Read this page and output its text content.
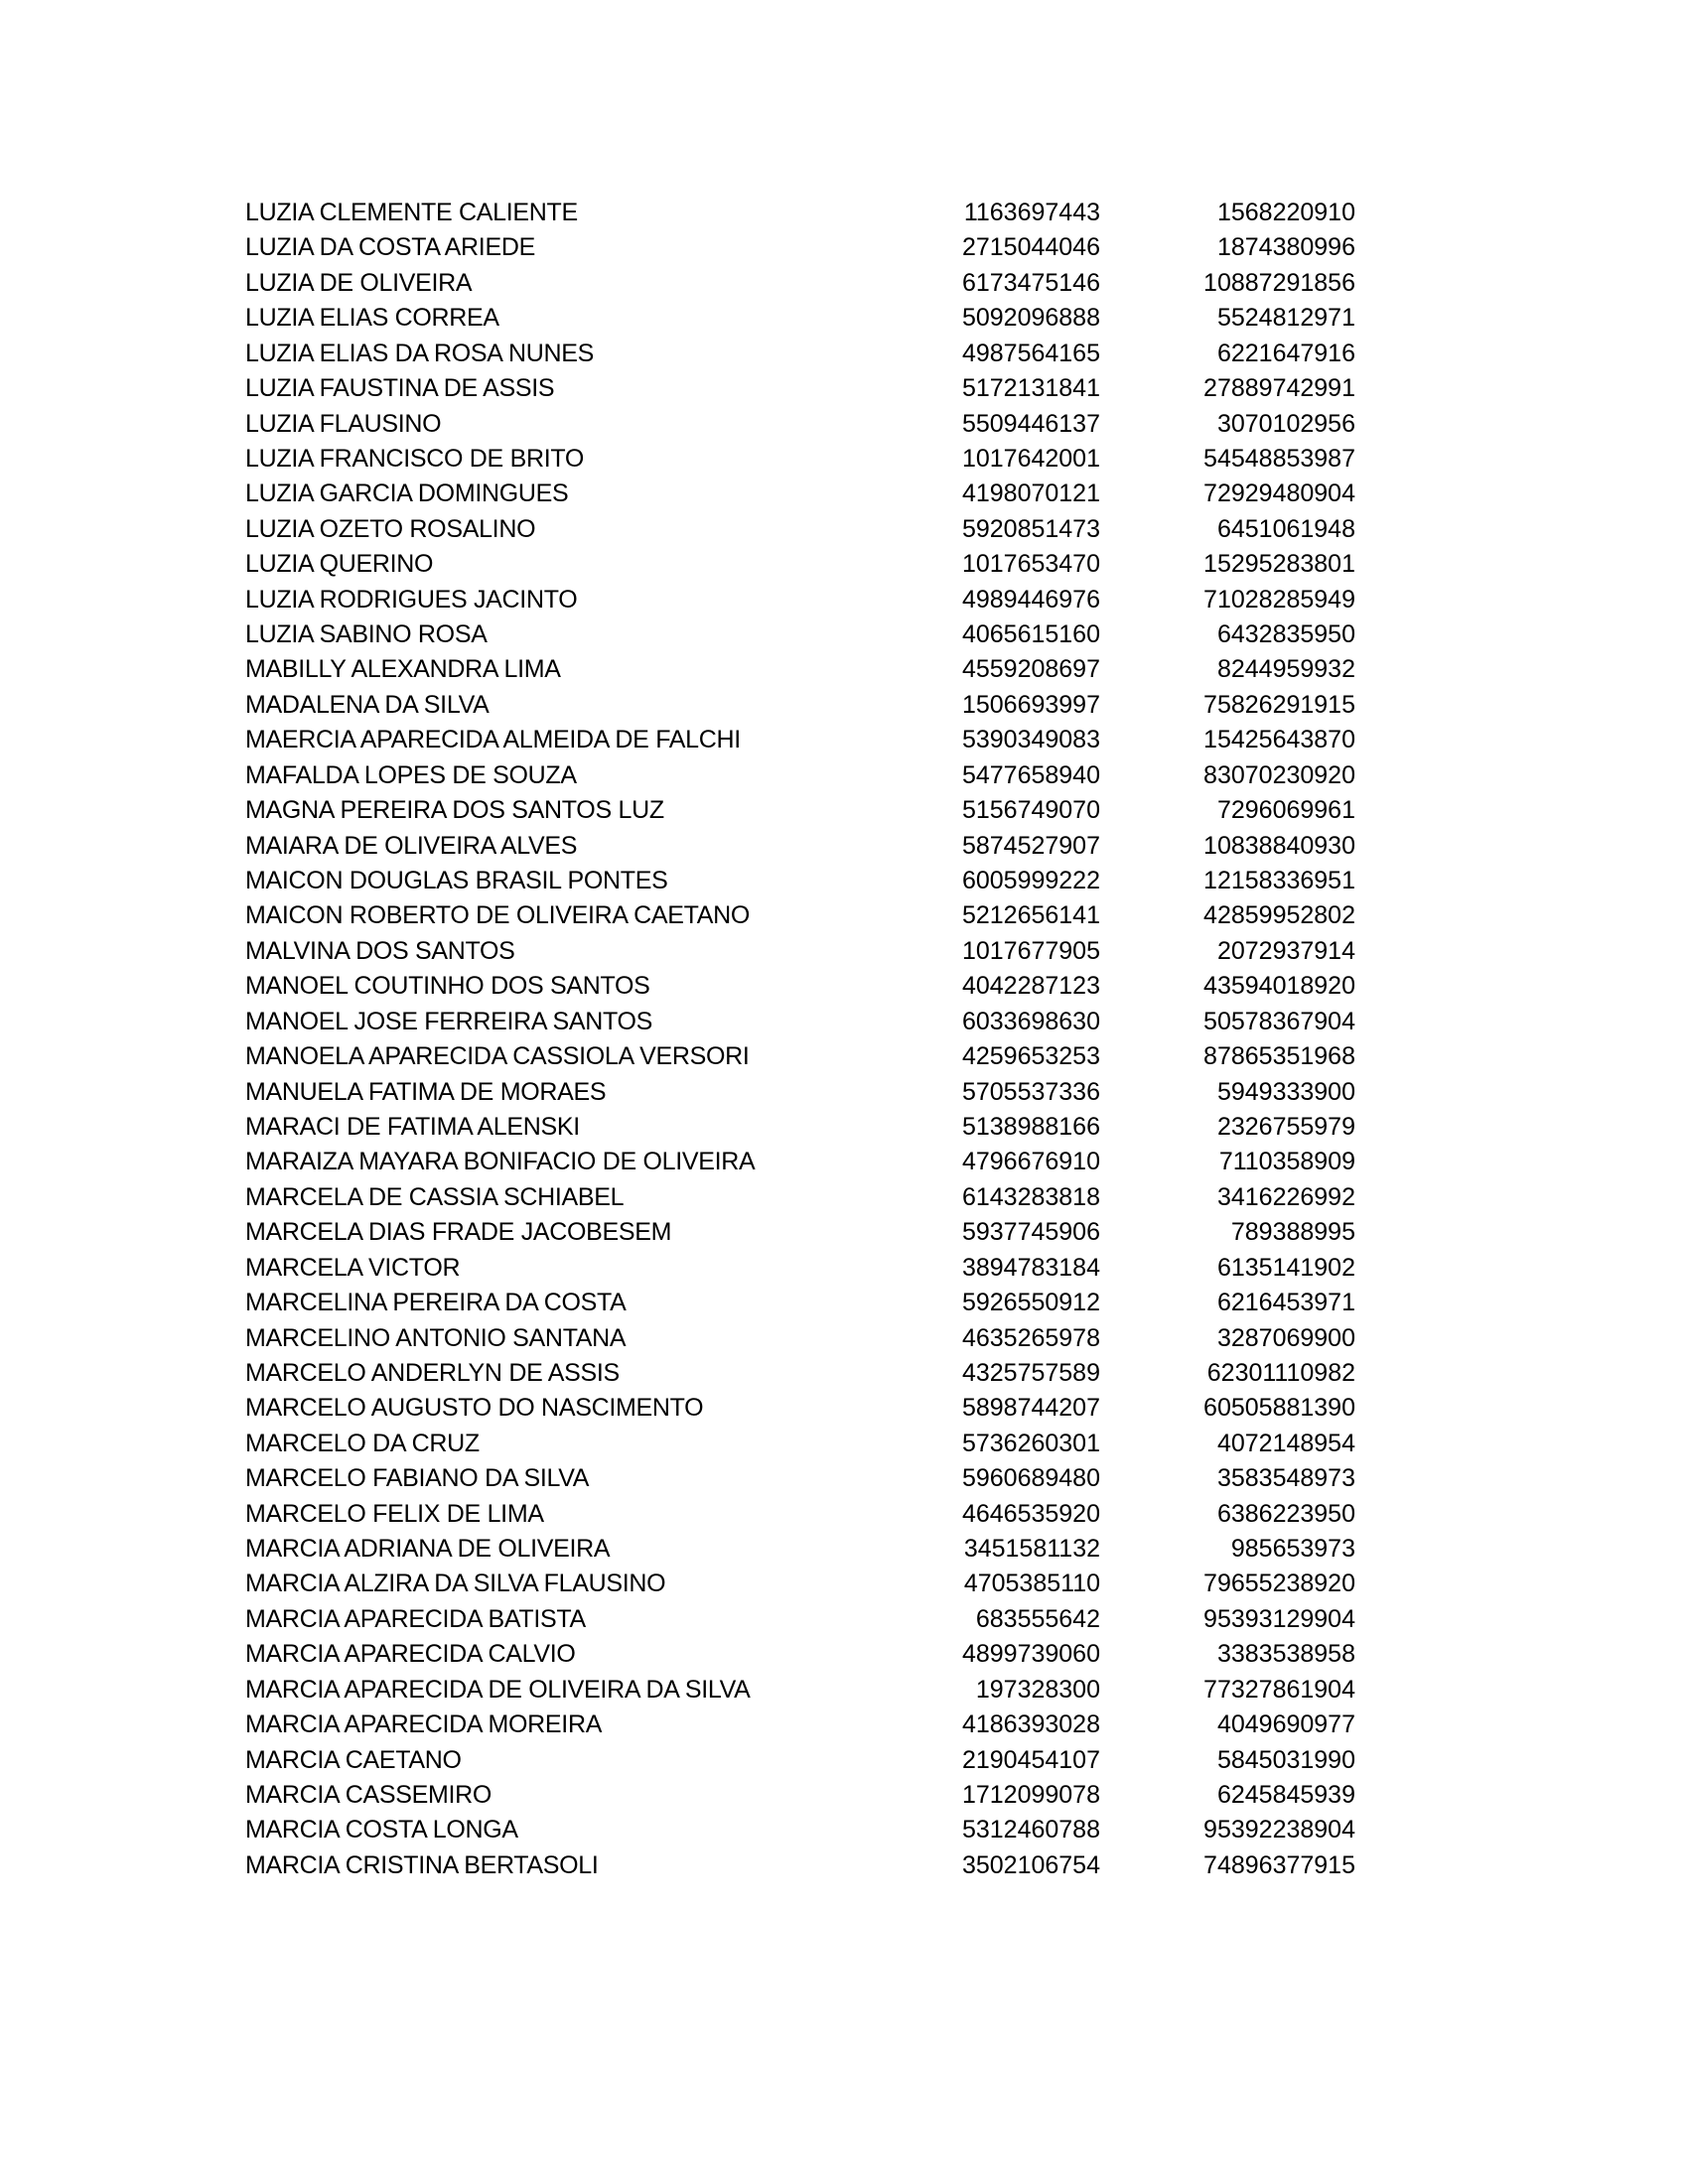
LUZIA CLEMENTE CALIENTE	1163697443	1568220910
LUZIA DA COSTA ARIEDE	2715044046	1874380996
LUZIA DE OLIVEIRA	6173475146	10887291856
LUZIA ELIAS CORREA	5092096888	5524812971
LUZIA ELIAS DA ROSA NUNES	4987564165	6221647916
LUZIA FAUSTINA DE ASSIS	5172131841	27889742991
LUZIA FLAUSINO	5509446137	3070102956
LUZIA FRANCISCO DE BRITO	1017642001	54548853987
LUZIA GARCIA DOMINGUES	4198070121	72929480904
LUZIA OZETO ROSALINO	5920851473	6451061948
LUZIA QUERINO	1017653470	15295283801
LUZIA RODRIGUES JACINTO	4989446976	71028285949
LUZIA SABINO ROSA	4065615160	6432835950
MABILLY ALEXANDRA LIMA	4559208697	8244959932
MADALENA DA SILVA	1506693997	75826291915
MAERCIA APARECIDA ALMEIDA DE FALCHI	5390349083	15425643870
MAFALDA LOPES DE SOUZA	5477658940	83070230920
MAGNA PEREIRA DOS SANTOS LUZ	5156749070	7296069961
MAIARA DE OLIVEIRA ALVES	5874527907	10838840930
MAICON DOUGLAS BRASIL PONTES	6005999222	12158336951
MAICON ROBERTO DE OLIVEIRA CAETANO	5212656141	42859952802
MALVINA DOS SANTOS	1017677905	2072937914
MANOEL COUTINHO DOS SANTOS	4042287123	43594018920
MANOEL JOSE FERREIRA SANTOS	6033698630	50578367904
MANOELA APARECIDA CASSIOLA VERSORI	4259653253	87865351968
MANUELA FATIMA DE MORAES	5705537336	5949333900
MARACI DE FATIMA ALENSKI	5138988166	2326755979
MARAIZA MAYARA BONIFACIO DE OLIVEIRA	4796676910	7110358909
MARCELA DE CASSIA SCHIABEL	6143283818	3416226992
MARCELA DIAS FRADE JACOBESEM	5937745906	789388995
MARCELA VICTOR	3894783184	6135141902
MARCELINA PEREIRA DA COSTA	5926550912	6216453971
MARCELINO ANTONIO SANTANA	4635265978	3287069900
MARCELO ANDERLYN DE ASSIS	4325757589	62301110982
MARCELO AUGUSTO DO NASCIMENTO	5898744207	60505881390
MARCELO DA CRUZ	5736260301	4072148954
MARCELO FABIANO DA SILVA	5960689480	3583548973
MARCELO FELIX DE LIMA	4646535920	6386223950
MARCIA ADRIANA DE OLIVEIRA	3451581132	985653973
MARCIA ALZIRA DA SILVA FLAUSINO	4705385110	79655238920
MARCIA APARECIDA BATISTA	683555642	95393129904
MARCIA APARECIDA CALVIO	4899739060	3383538958
MARCIA APARECIDA DE OLIVEIRA DA SILVA	197328300	77327861904
MARCIA APARECIDA MOREIRA	4186393028	4049690977
MARCIA CAETANO	2190454107	5845031990
MARCIA CASSEMIRO	1712099078	6245845939
MARCIA COSTA LONGA	5312460788	95392238904
MARCIA CRISTINA BERTASOLI	3502106754	74896377915
